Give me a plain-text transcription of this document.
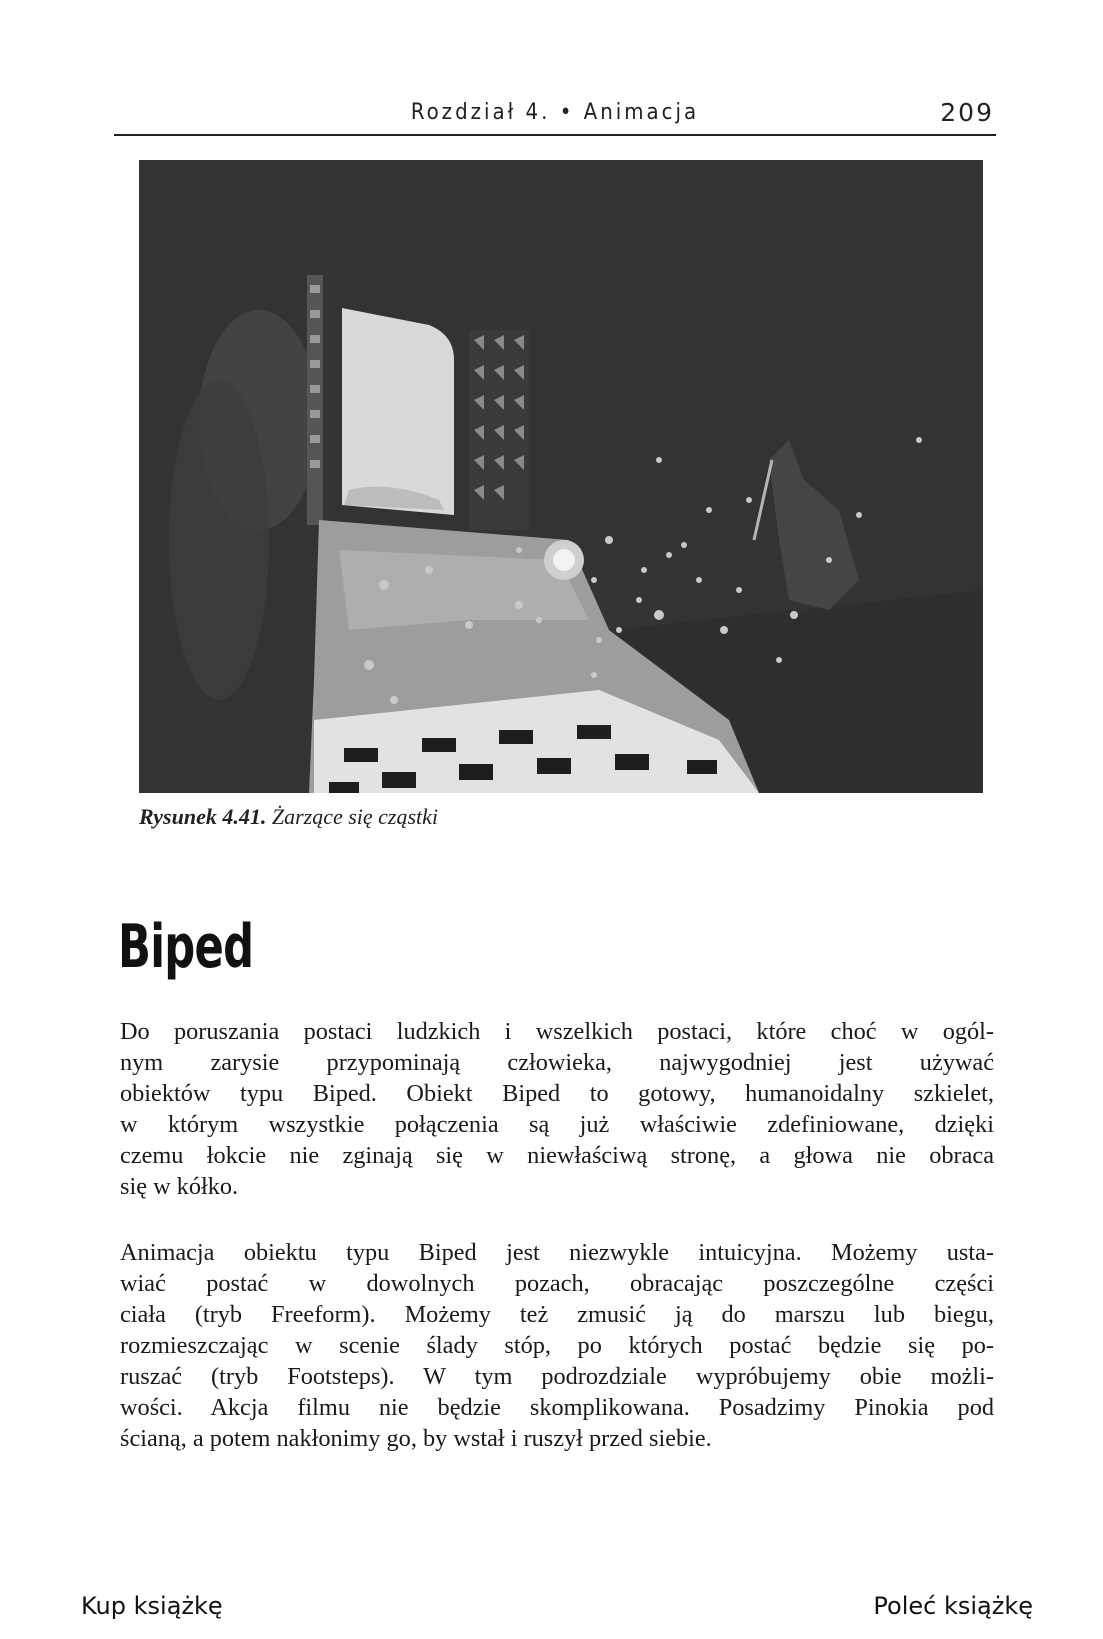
Rozdział 4. • Animacja	209
Rysunek 4.41. Żarzące się cząstki
Biped

Do poruszania postaci ludzkich i wszelkich postaci, które choć w ogól-
nym zarysie przypominają człowieka, najwygodniej jest używać
obiektów typu Biped. Obiekt Biped to gotowy, humanoidalny szkielet,
w którym wszystkie połączenia są już właściwie zdefiniowane, dzięki
czemu łokcie nie zginają się w niewłaściwą stronę, a głowa nie obraca
się w kółko.

Animacja obiektu typu Biped jest niezwykle intuicyjna. Możemy usta-
wiać postać w dowolnych pozach, obracając poszczególne części
ciała (tryb Freeform). Możemy też zmusić ją do marszu lub biegu,
rozmieszczając w scenie ślady stóp, po których postać będzie się po-
ruszać (tryb Footsteps). W tym podrozdziale wypróbujemy obie możli-
wości. Akcja filmu nie będzie skomplikowana. Posadzimy Pinokia pod
ścianą, a potem nakłonimy go, by wstał i ruszył przed siebie.

Kup książkę	Poleć książkę
